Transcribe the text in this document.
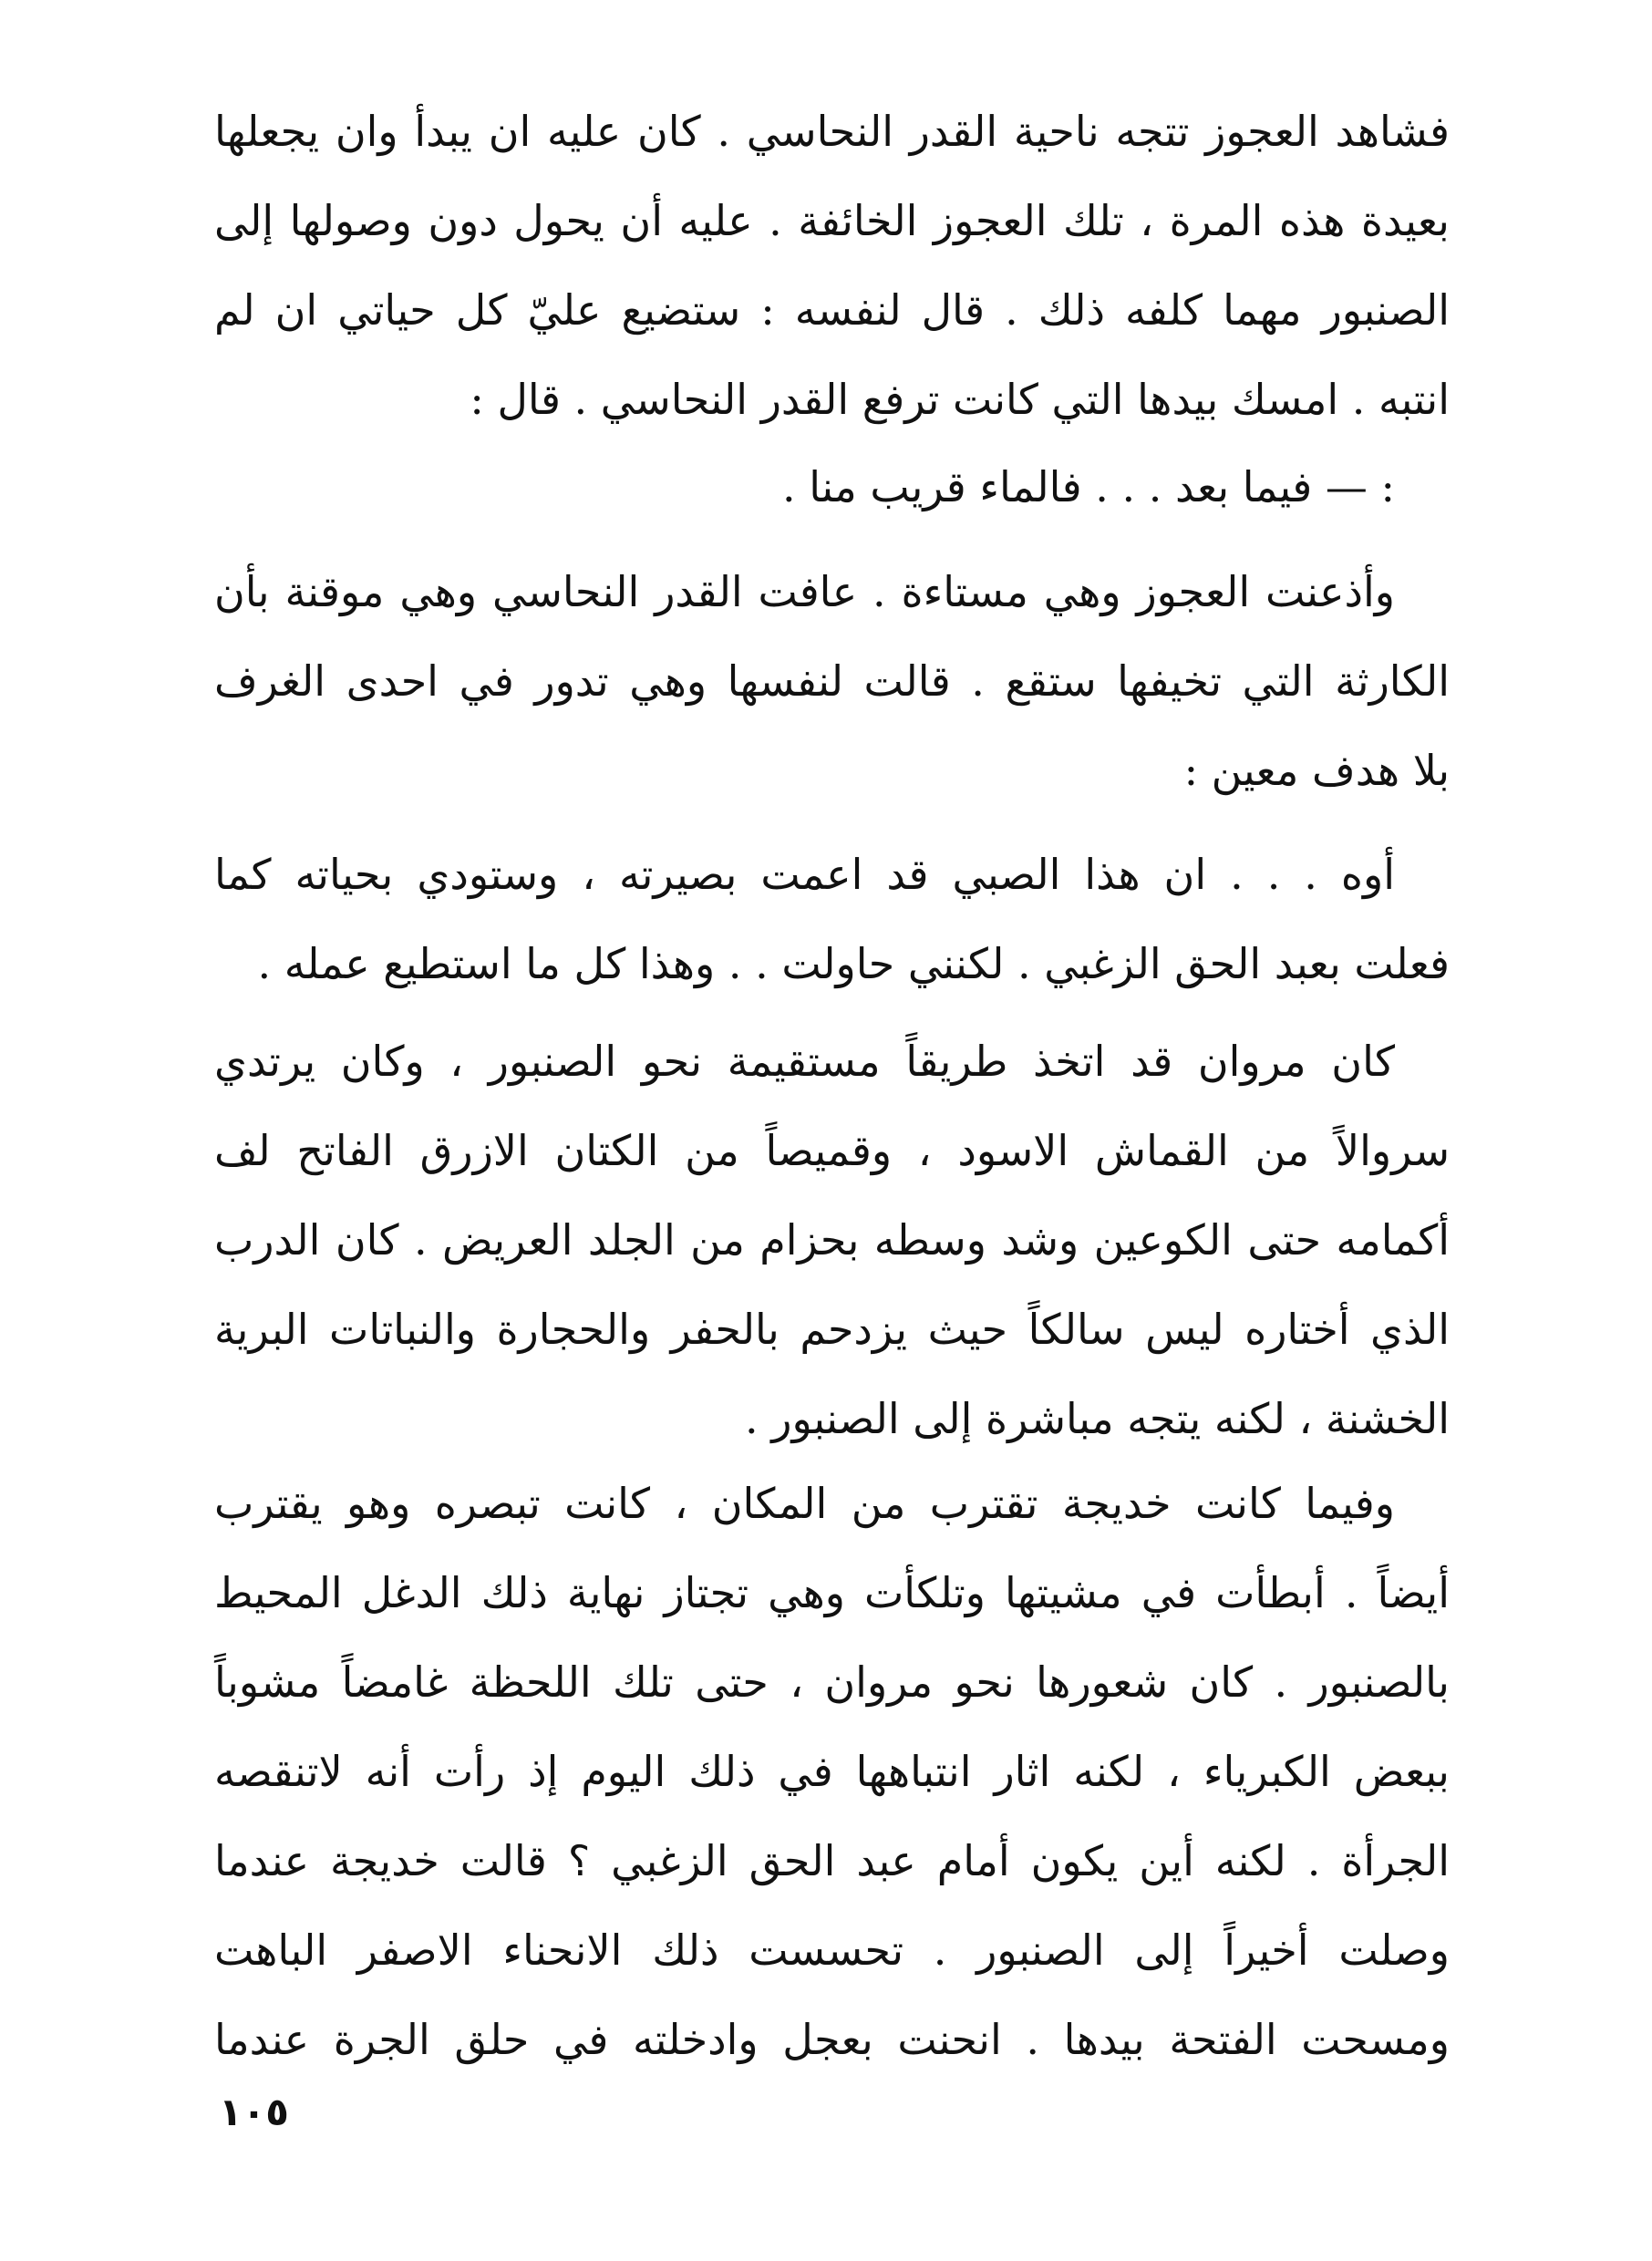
فشاهد العجوز تتجه ناحية القدر النحاسي . كان عليه ان يبدأ وان يجعلها
بعيدة هذه المرة ، تلك العجوز الخائفة . عليه أن يحول دون وصولها إلى
الصنبور مهما كلفه ذلك . قال لنفسه : ستضيع عليّ كل حياتي ان لم
انتبه . امسك بيدها التي كانت ترفع القدر النحاسي . قال :
: — فيما بعد . . . فالماء قريب منا .
وأذعنت العجوز وهي مستاءة . عافت القدر النحاسي وهي موقنة بأن
الكارثة التي تخيفها ستقع . قالت لنفسها وهي تدور في احدى الغرف
بلا هدف معين :
أوه . . . ان هذا الصبي قد اعمت بصيرته ، وستودي بحياته كما
فعلت بعبد الحق الزغبي . لكنني حاولت . . وهذا كل ما استطيع عمله .
كان مروان قد اتخذ طريقاً مستقيمة نحو الصنبور ، وكان يرتدي
سروالاً من القماش الاسود ، وقميصاً من الكتان الازرق الفاتح لف
أكمامه حتى الكوعين وشد وسطه بحزام من الجلد العريض . كان الدرب
الذي أختاره ليس سالكاً حيث يزدحم بالحفر والحجارة والنباتات البرية
الخشنة ، لكنه يتجه مباشرة إلى الصنبور .
وفيما كانت خديجة تقترب من المكان ، كانت تبصره وهو يقترب
أيضاً . أبطأت في مشيتها وتلكأت وهي تجتاز نهاية ذلك الدغل المحيط
بالصنبور . كان شعورها نحو مروان ، حتى تلك اللحظة غامضاً مشوباً
ببعض الكبرياء ، لكنه اثار انتباهها في ذلك اليوم إذ رأت أنه لاتنقصه
الجرأة . لكنه أين يكون أمام عبد الحق الزغبي ؟ قالت خديجة عندما
وصلت أخيراً إلى الصنبور . تحسست ذلك الانحناء الاصفر الباهت
ومسحت الفتحة بيدها . انحنت بعجل وادخلته في حلق الجرة عندما
١٠٥
